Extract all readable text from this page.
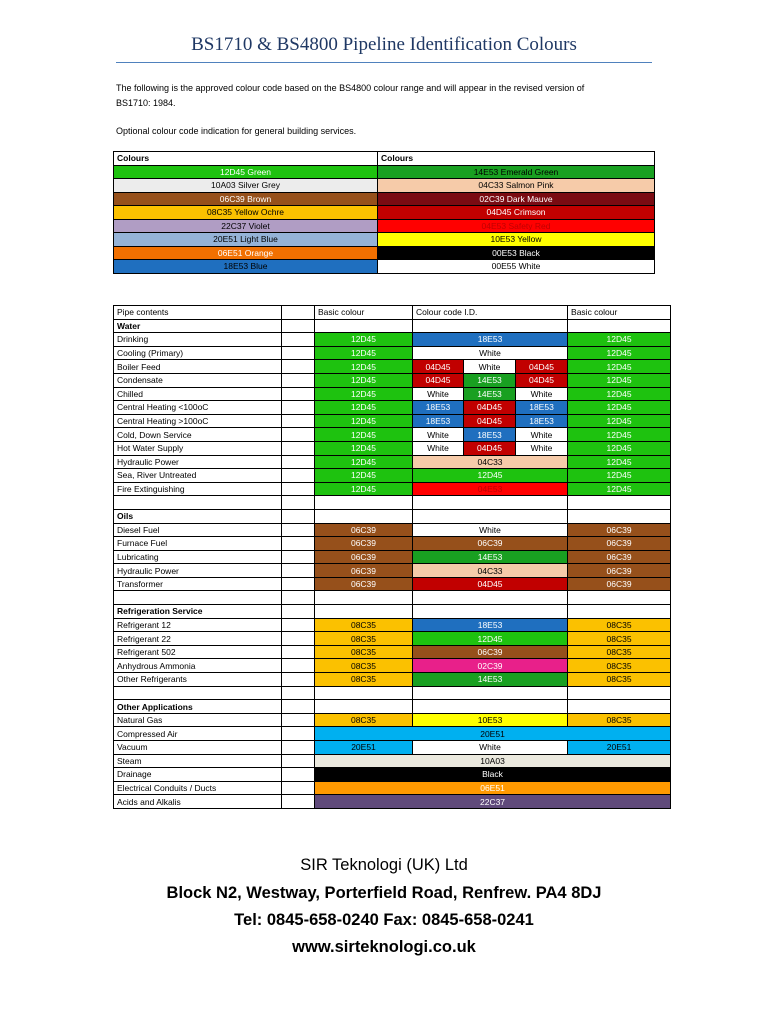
BS1710 & BS4800 Pipeline Identification Colours
The following is the approved colour code based on the BS4800 colour range and will appear in the revised version of
BS1710: 1984.
Optional colour code indication for general building services.
Colours	Colours
12D45 Green	14E53 Emerald Green
10A03 Silver Grey	04C33 Salmon Pink
06C39 Brown	02C39 Dark Mauve
08C35 Yellow Ochre	04D45 Crimson
22C37 Violet	04E53 Safety Red
20E51 Light Blue	10E53 Yellow
06E51 Orange	00E53 Black
18E53 Blue	00E55 White
Pipe contents		Basic colour	Colour code I.D.			Basic colour
Water						
Drinking		12D45	18E53			12D45
Cooling (Primary)		12D45	White			12D45
Boiler Feed		12D45	04D45	White	04D45	12D45
Condensate		12D45	04D45	14E53	04D45	12D45
Chilled		12D45	White	14E53	White	12D45
Central Heating <100oC		12D45	18E53	04D45	18E53	12D45
Central Heating >100oC		12D45	18E53	04D45	18E53	12D45
Cold, Down Service		12D45	White	18E53	White	12D45
Hot Water Supply		12D45	White	04D45	White	12D45
Hydraulic Power		12D45	04C33			12D45
Sea, River Untreated		12D45	12D45			12D45
Fire Extinguishing		12D45	04E53			12D45

Oils						
Diesel Fuel		06C39	White			06C39
Furnace Fuel		06C39	06C39			06C39
Lubricating		06C39	14E53			06C39
Hydraulic Power		06C39	04C33			06C39
Transformer		06C39	04D45			06C39

Refrigeration Service						
Refrigerant 12		08C35	18E53			08C35
Refrigerant 22		08C35	12D45			08C35
Refrigerant 502		08C35	06C39			08C35
Anhydrous Ammonia		08C35	02C39			08C35
Other Refrigerants		08C35	14E53			08C35

Other Applications						
Natural Gas		08C35	10E53			08C35
Compressed Air		20E51				
Vacuum		20E51	White			20E51
Steam		10A03				
Drainage		Black				
Electrical Conduits / Ducts		06E51				
Acids and Alkalis		22C37				
SIR Teknologi (UK) Ltd
Block N2, Westway, Porterfield Road, Renfrew. PA4 8DJ
Tel: 0845-658-0240 Fax: 0845-658-0241
www.sirteknologi.co.uk
